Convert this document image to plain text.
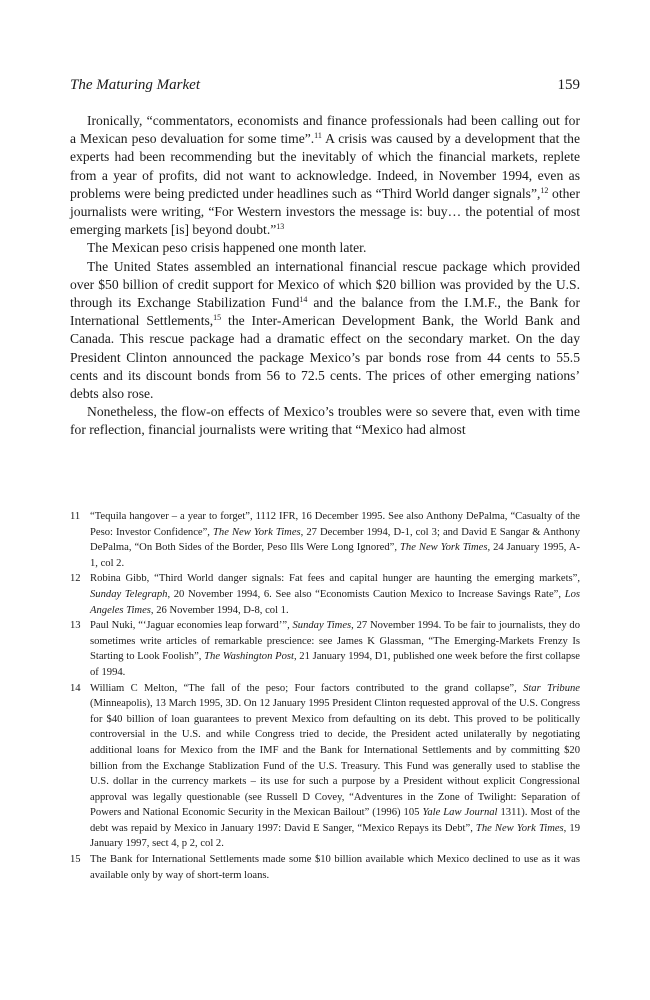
The Maturing Market	159

Ironically, “commentators, economists and finance professionals had been calling out for a Mexican peso devaluation for some time”.$^{11}$ A crisis was caused by a development that the experts had been recommending but the inevitably of which the financial markets, replete from a year of profits, did not want to acknowledge. Indeed, in November 1994, even as problems were being predicted under headlines such as “Third World danger signals”,$^{12}$ other journalists were writing, “For Western investors the message is: buy… the potential of most emerging markets [is] beyond doubt.”$^{13}$

The Mexican peso crisis happened one month later.

The United States assembled an international financial rescue package which provided over $50 billion of credit support for Mexico of which $20 billion was provided by the U.S. through its Exchange Stabilization Fund$^{14}$ and the balance from the I.M.F., the Bank for International Settlements,$^{15}$ the Inter-American Development Bank, the World Bank and Canada. This rescue package had a dramatic effect on the secondary market. On the day President Clinton announced the package Mexico’s par bonds rose from 44 cents to 55.5 cents and its discount bonds from 56 to 72.5 cents. The prices of other emerging nations’ debts also rose.

Nonetheless, the flow-on effects of Mexico’s troubles were so severe that, even with time for reflection, financial journalists were writing that “Mexico had almost

11 “Tequila hangover – a year to forget”, 1112 IFR, 16 December 1995. See also Anthony DePalma, “Casualty of the Peso: Investor Confidence”, The New York Times, 27 December 1994, D-1, col 3; and David E Sangar & Anthony DePalma, “On Both Sides of the Border, Peso Ills Were Long Ignored”, The New York Times, 24 January 1995, A-1, col 2.
12 Robina Gibb, “Third World danger signals: Fat fees and capital hunger are haunting the emerging markets”, Sunday Telegraph, 20 November 1994, 6. See also “Economists Caution Mexico to Increase Savings Rate”, Los Angeles Times, 26 November 1994, D-8, col 1.
13 Paul Nuki, “‘Jaguar economies leap forward’”, Sunday Times, 27 November 1994. To be fair to journalists, they do sometimes write articles of remarkable prescience: see James K Glassman, “The Emerging-Markets Frenzy Is Starting to Look Foolish”, The Washington Post, 21 January 1994, D1, published one week before the first collapse of 1994.
14 William C Melton, “The fall of the peso; Four factors contributed to the grand collapse”, Star Tribune (Minneapolis), 13 March 1995, 3D. On 12 January 1995 President Clinton requested approval of the U.S. Congress for $40 billion of loan guarantees to prevent Mexico from defaulting on its debt. This proved to be politically controversial in the U.S. and while Congress tried to decide, the President acted unilaterally by negotiating additional loans for Mexico from the IMF and the Bank for International Settlements and by committing $20 billion from the Exchange Stablization Fund of the U.S. Treasury. This Fund was generally used to stablise the U.S. dollar in the currency markets – its use for such a purpose by a President without explicit Congressional approval was legally questionable (see Russell D Covey, “Adventures in the Zone of Twilight: Separation of Powers and National Economic Security in the Mexican Bailout” (1996) 105 Yale Law Journal 1311). Most of the debt was repaid by Mexico in January 1997: David E Sanger, “Mexico Repays its Debt”, The New York Times, 19 January 1997, sect 4, p 2, col 2.
15 The Bank for International Settlements made some $10 billion available which Mexico declined to use as it was available only by way of short-term loans.
